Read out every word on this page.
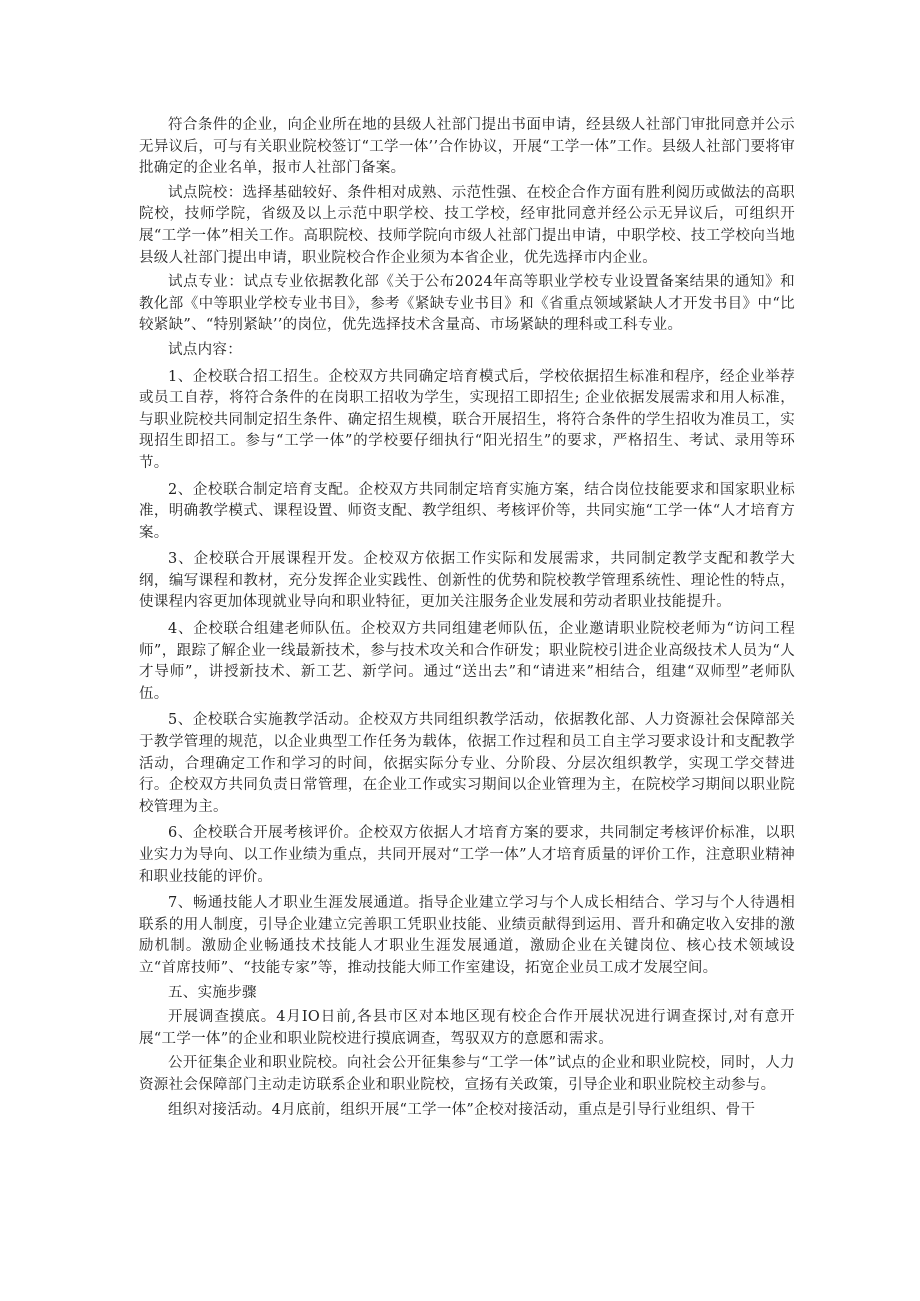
符合条件的企业，向企业所在地的县级人社部门提出书面申请，经县级人社部门审批同意并公示无异议后，可与有关职业院校签订“工学一体’’合作协议，开展“工学一体”工作。县级人社部门要将审批确定的企业名单，报市人社部门备案。

试点院校：选择基础较好、条件相对成熟、示范性强、在校企合作方面有胜利阅历或做法的高职院校，技师学院，省级及以上示范中职学校、技工学校，经审批同意并经公示无异议后，可组织开展“工学一体”相关工作。高职院校、技师学院向市级人社部门提出申请，中职学校、技工学校向当地县级人社部门提出申请，职业院校合作企业须为本省企业，优先选择市内企业。

试点专业：试点专业依据教化部《关于公布2024年高等职业学校专业设置备案结果的通知》和教化部《中等职业学校专业书目》，参考《紧缺专业书目》和《省重点领域紧缺人才开发书目》中“比较紧缺”、“特别紧缺’’的岗位，优先选择技术含量高、市场紧缺的理科或工科专业。

试点内容：

1、企校联合招工招生。企校双方共同确定培育模式后，学校依据招生标准和程序，经企业举荐或员工自荐，将符合条件的在岗职工招收为学生，实现招工即招生; 企业依据发展需求和用人标准，与职业院校共同制定招生条件、确定招生规模，联合开展招生，将符合条件的学生招收为准员工，实现招生即招工。参与“工学一体”的学校要仔细执行“阳光招生”的要求，严格招生、考试、录用等环节。

2、企校联合制定培育支配。企校双方共同制定培育实施方案，结合岗位技能要求和国家职业标准，明确教学模式、课程设置、师资支配、教学组织、考核评价等，共同实施“工学一体“人才培育方案。

3、企校联合开展课程开发。企校双方依据工作实际和发展需求，共同制定教学支配和教学大纲，编写课程和教材，充分发挥企业实践性、创新性的优势和院校教学管理系统性、理论性的特点，使课程内容更加体现就业导向和职业特征，更加关注服务企业发展和劳动者职业技能提升。

4、企校联合组建老师队伍。企校双方共同组建老师队伍，企业邀请职业院校老师为“访问工程师”，跟踪了解企业一线最新技术，参与技术攻关和合作研发；职业院校引进企业高级技术人员为“人才导师”，讲授新技术、新工艺、新学问。通过“送出去”和“请进来”相结合，组建“双师型”老师队伍。

5、企校联合实施教学活动。企校双方共同组织教学活动，依据教化部、人力资源社会保障部关于教学管理的规范，以企业典型工作任务为载体，依据工作过程和员工自主学习要求设计和支配教学活动，合理确定工作和学习的时间，依据实际分专业、分阶段、分层次组织教学，实现工学交替进行。企校双方共同负责日常管理，在企业工作或实习期间以企业管理为主，在院校学习期间以职业院校管理为主。

6、企校联合开展考核评价。企校双方依据人才培育方案的要求，共同制定考核评价标准，以职业实力为导向、以工作业绩为重点，共同开展对“工学一体”人才培育质量的评价工作，注意职业精神和职业技能的评价。

7、畅通技能人才职业生涯发展通道。指导企业建立学习与个人成长相结合、学习与个人待遇相联系的用人制度，引导企业建立完善职工凭职业技能、业绩贡献得到运用、晋升和确定收入安排的激励机制。激励企业畅通技术技能人才职业生涯发展通道，激励企业在关键岗位、核心技术领域设立“首席技师”、“技能专家”等，推动技能大师工作室建设，拓宽企业员工成才发展空间。

五、实施步骤

开展调查摸底。4月IO日前,各县市区对本地区现有校企合作开展状况进行调查探讨,对有意开展“工学一体”的企业和职业院校进行摸底调查，驾驭双方的意愿和需求。

公开征集企业和职业院校。向社会公开征集参与“工学一体”试点的企业和职业院校，同时，人力资源社会保障部门主动走访联系企业和职业院校，宣扬有关政策，引导企业和职业院校主动参与。

组织对接活动。4月底前，组织开展“工学一体”企校对接活动，重点是引导行业组织、骨干
